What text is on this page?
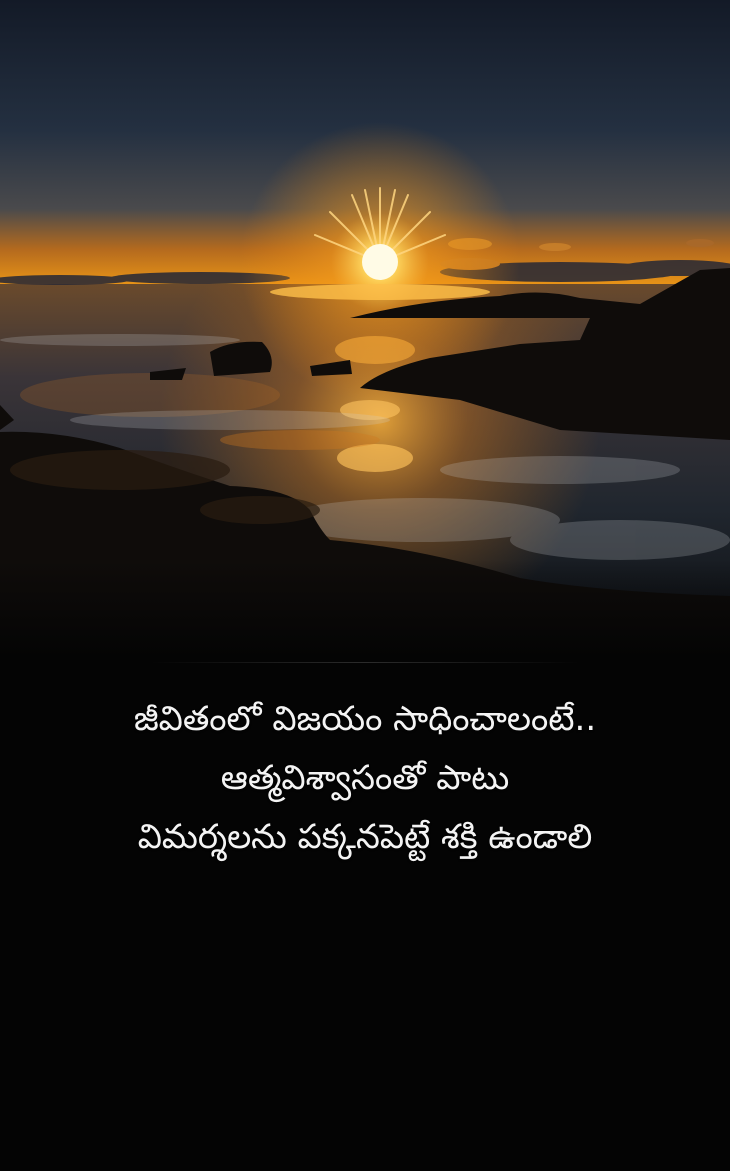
జీవితంలో విజయం సాధించాలంటే..
ఆత్మవిశ్వాసంతో పాటు
విమర్శలను పక్కనపెట్టే శక్తి ఉండాలి
